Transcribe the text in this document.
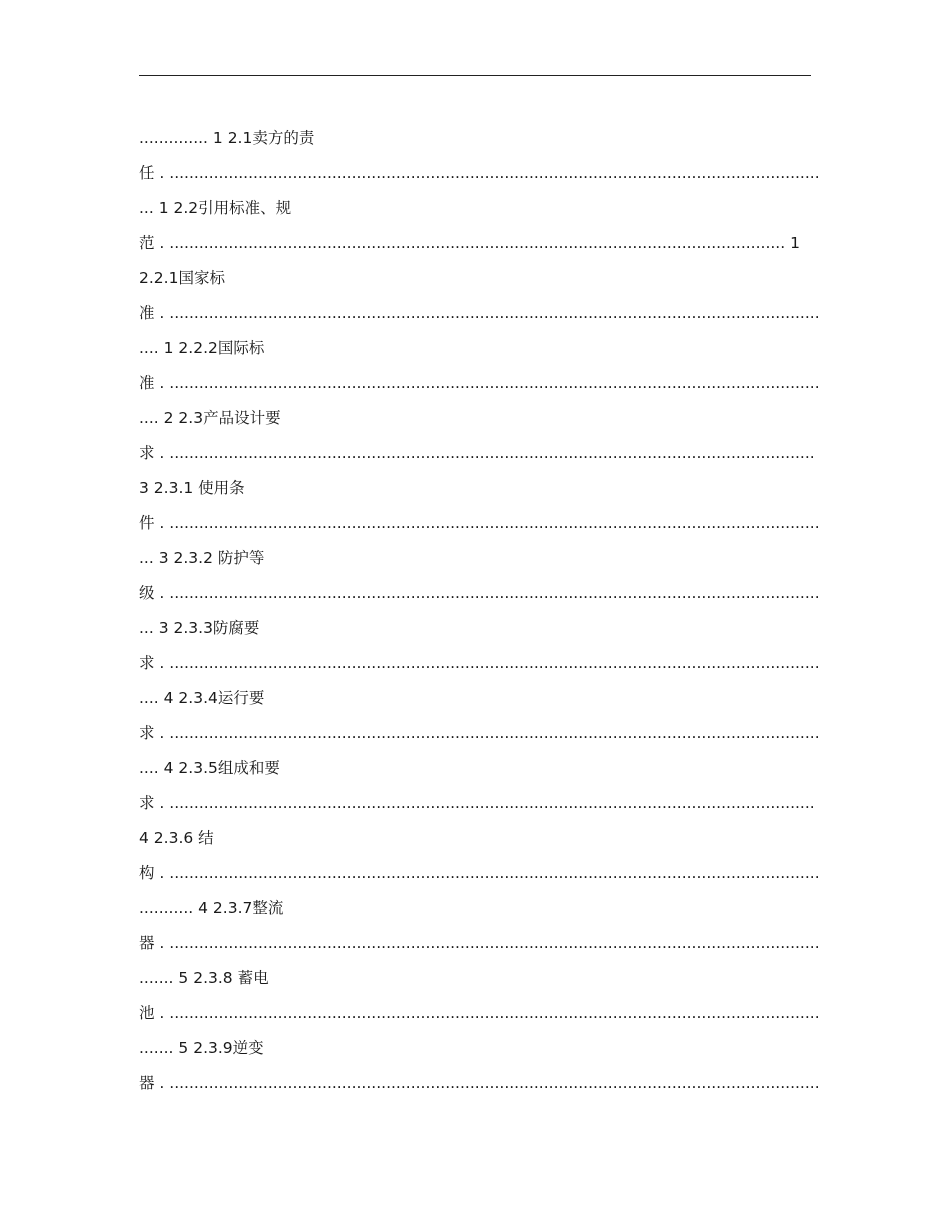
.............. 1 2.1卖方的责
任 . ....................................................................................................................................
... 1 2.2引用标准、规
范 . ............................................................................................................................. 1
2.2.1国家标
准 . ....................................................................................................................................
.... 1 2.2.2国际标
准 . ....................................................................................................................................
.... 2 2.3产品设计要
求 . ...................................................................................................................................
3 2.3.1 使用条
件 . ....................................................................................................................................
... 3 2.3.2 防护等
级 . ....................................................................................................................................
... 3 2.3.3防腐要
求 . ....................................................................................................................................
.... 4 2.3.4运行要
求 . ....................................................................................................................................
.... 4 2.3.5组成和要
求 . ...................................................................................................................................
4 2.3.6 结
构 . ....................................................................................................................................
........... 4 2.3.7整流
器 . ....................................................................................................................................
....... 5 2.3.8 蓄电
池 . ....................................................................................................................................
....... 5 2.3.9逆变
器 . ....................................................................................................................................
